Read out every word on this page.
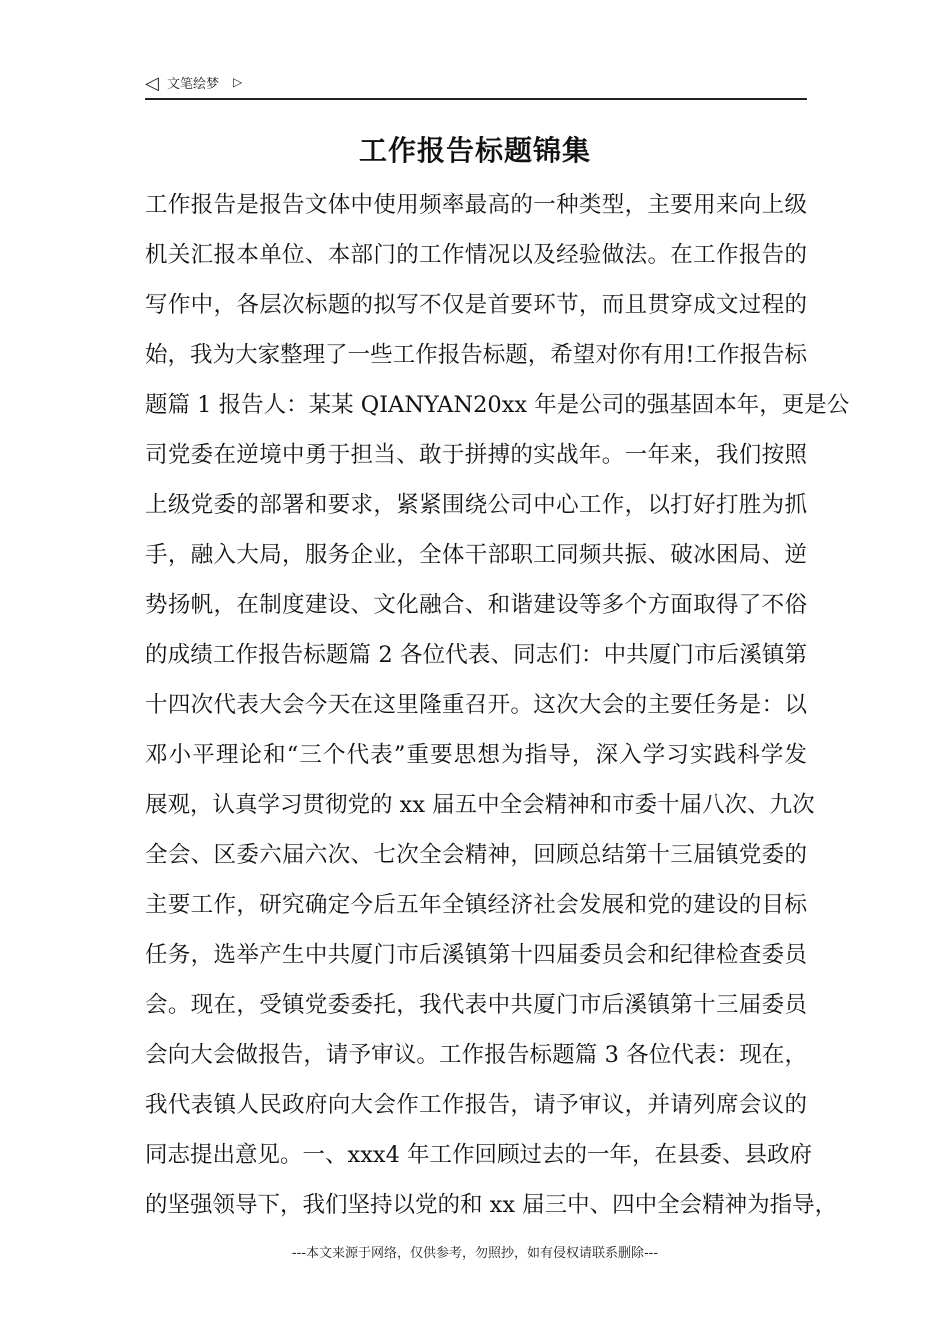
◁ 文笔绘梦 ▷
工作报告标题锦集
工作报告是报告文体中使用频率最高的一种类型，主要用来向上级
机关汇报本单位、本部门的工作情况以及经验做法。在工作报告的
写作中，各层次标题的拟写不仅是首要环节，而且贯穿成文过程的
始，我为大家整理了一些工作报告标题，希望对你有用!工作报告标
题篇 1 报告人：某某 QIANYAN20xx 年是公司的强基固本年，更是公
司党委在逆境中勇于担当、敢于拼搏的实战年。一年来，我们按照
上级党委的部署和要求，紧紧围绕公司中心工作，以打好打胜为抓
手，融入大局，服务企业，全体干部职工同频共振、破冰困局、逆
势扬帆，在制度建设、文化融合、和谐建设等多个方面取得了不俗
的成绩工作报告标题篇 2 各位代表、同志们：中共厦门市后溪镇第
十四次代表大会今天在这里隆重召开。这次大会的主要任务是：以
邓小平理论和“三个代表”重要思想为指导，深入学习实践科学发
展观，认真学习贯彻党的 xx 届五中全会精神和市委十届八次、九次
全会、区委六届六次、七次全会精神，回顾总结第十三届镇党委的
主要工作，研究确定今后五年全镇经济社会发展和党的建设的目标
任务，选举产生中共厦门市后溪镇第十四届委员会和纪律检查委员
会。现在，受镇党委委托，我代表中共厦门市后溪镇第十三届委员
会向大会做报告，请予审议。工作报告标题篇 3 各位代表：现在，
我代表镇人民政府向大会作工作报告，请予审议，并请列席会议的
同志提出意见。一、xxx4 年工作回顾过去的一年，在县委、县政府
的坚强领导下，我们坚持以党的和 xx 届三中、四中全会精神为指导，
---本文来源于网络，仅供参考，勿照抄，如有侵权请联系删除---
